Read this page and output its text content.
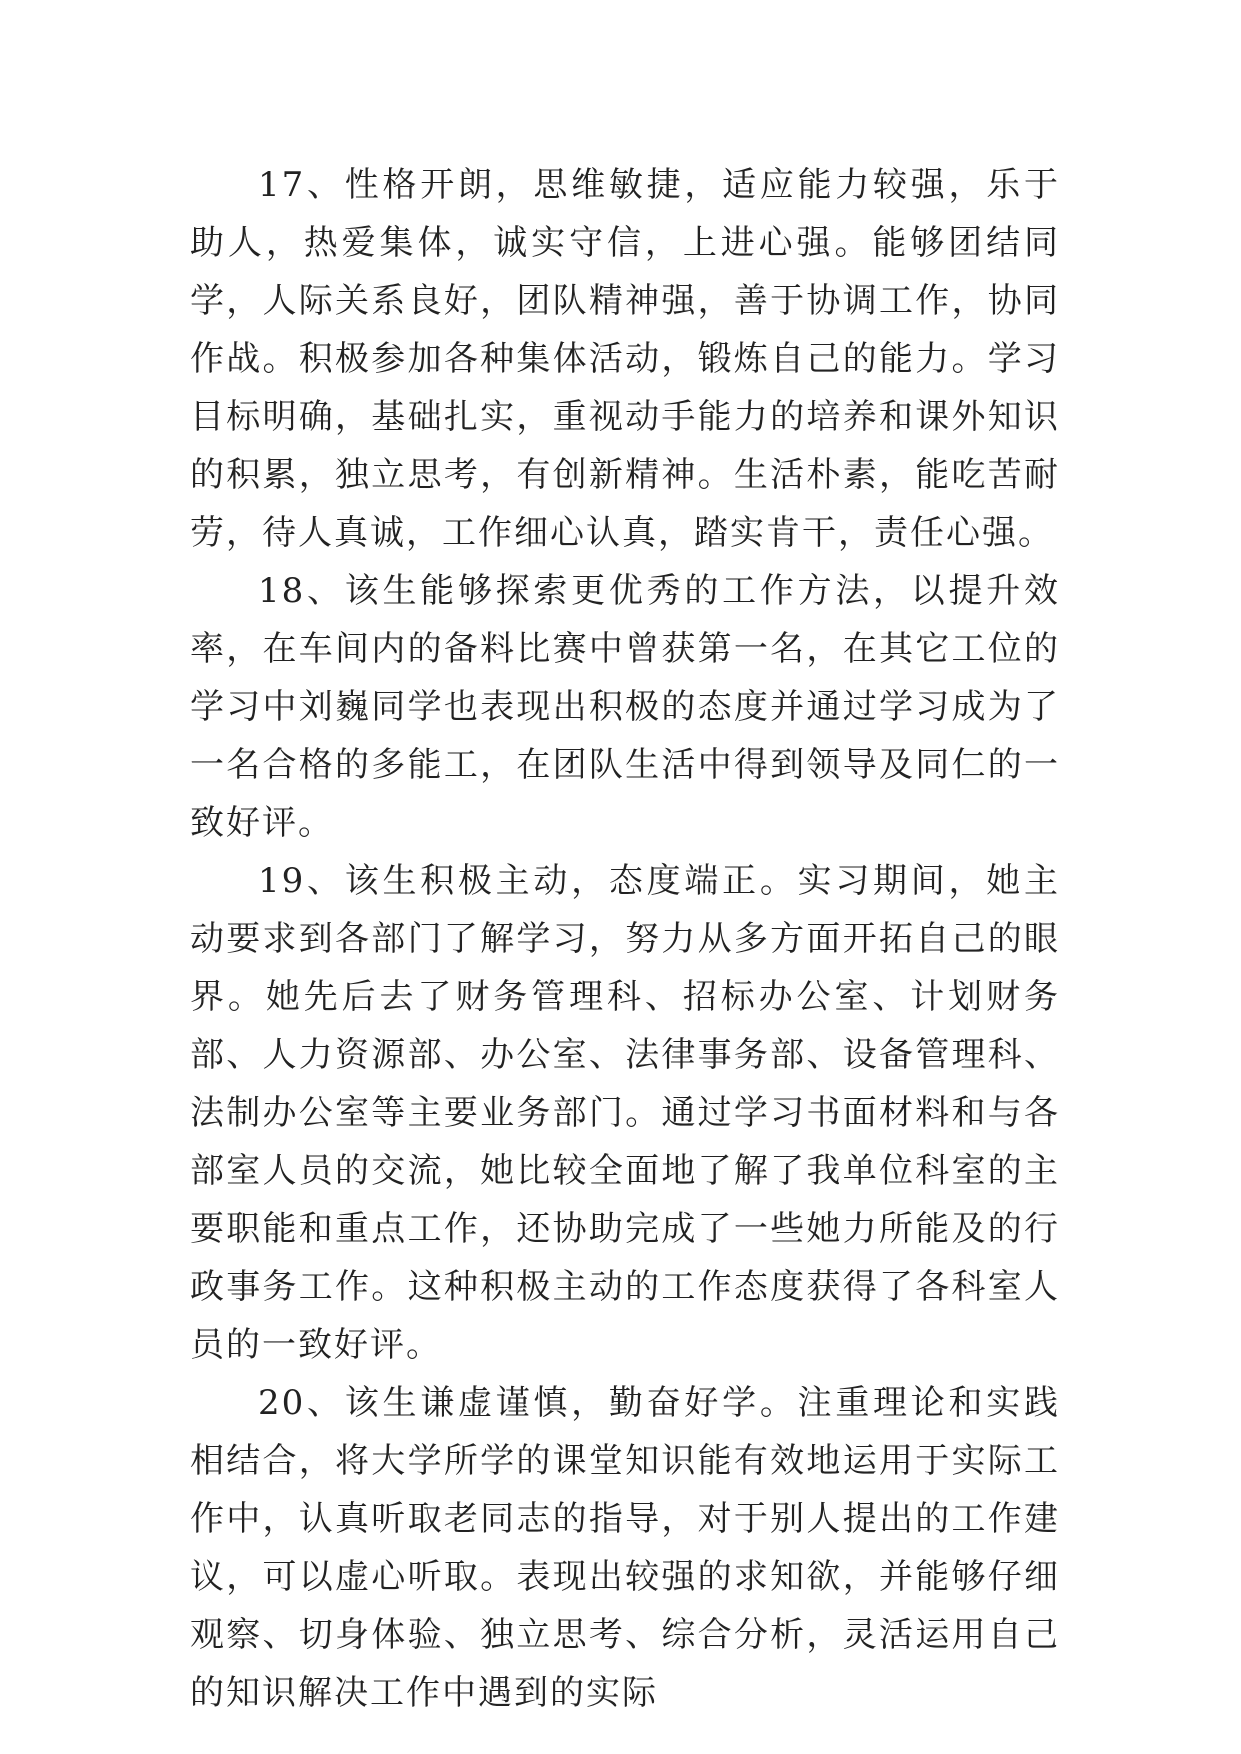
17、性格开朗，思维敏捷，适应能力较强，乐于助人，热爱集体，诚实守信，上进心强。能够团结同学，人际关系良好，团队精神强，善于协调工作，协同作战。积极参加各种集体活动，锻炼自己的能力。学习目标明确，基础扎实，重视动手能力的培养和课外知识的积累，独立思考，有创新精神。生活朴素，能吃苦耐劳，待人真诚，工作细心认真，踏实肯干，责任心强。

18、该生能够探索更优秀的工作方法，以提升效率，在车间内的备料比赛中曾获第一名，在其它工位的学习中刘巍同学也表现出积极的态度并通过学习成为了一名合格的多能工，在团队生活中得到领导及同仁的一致好评。

19、该生积极主动，态度端正。实习期间，她主动要求到各部门了解学习，努力从多方面开拓自己的眼界。她先后去了财务管理科、招标办公室、计划财务部、人力资源部、办公室、法律事务部、设备管理科、法制办公室等主要业务部门。通过学习书面材料和与各部室人员的交流，她比较全面地了解了我单位科室的主要职能和重点工作，还协助完成了一些她力所能及的行政事务工作。这种积极主动的工作态度获得了各科室人员的一致好评。

20、该生谦虚谨慎，勤奋好学。注重理论和实践相结合，将大学所学的课堂知识能有效地运用于实际工作中，认真听取老同志的指导，对于别人提出的工作建议，可以虚心听取。表现出较强的求知欲，并能够仔细观察、切身体验、独立思考、综合分析，灵活运用自己的知识解决工作中遇到的实际
